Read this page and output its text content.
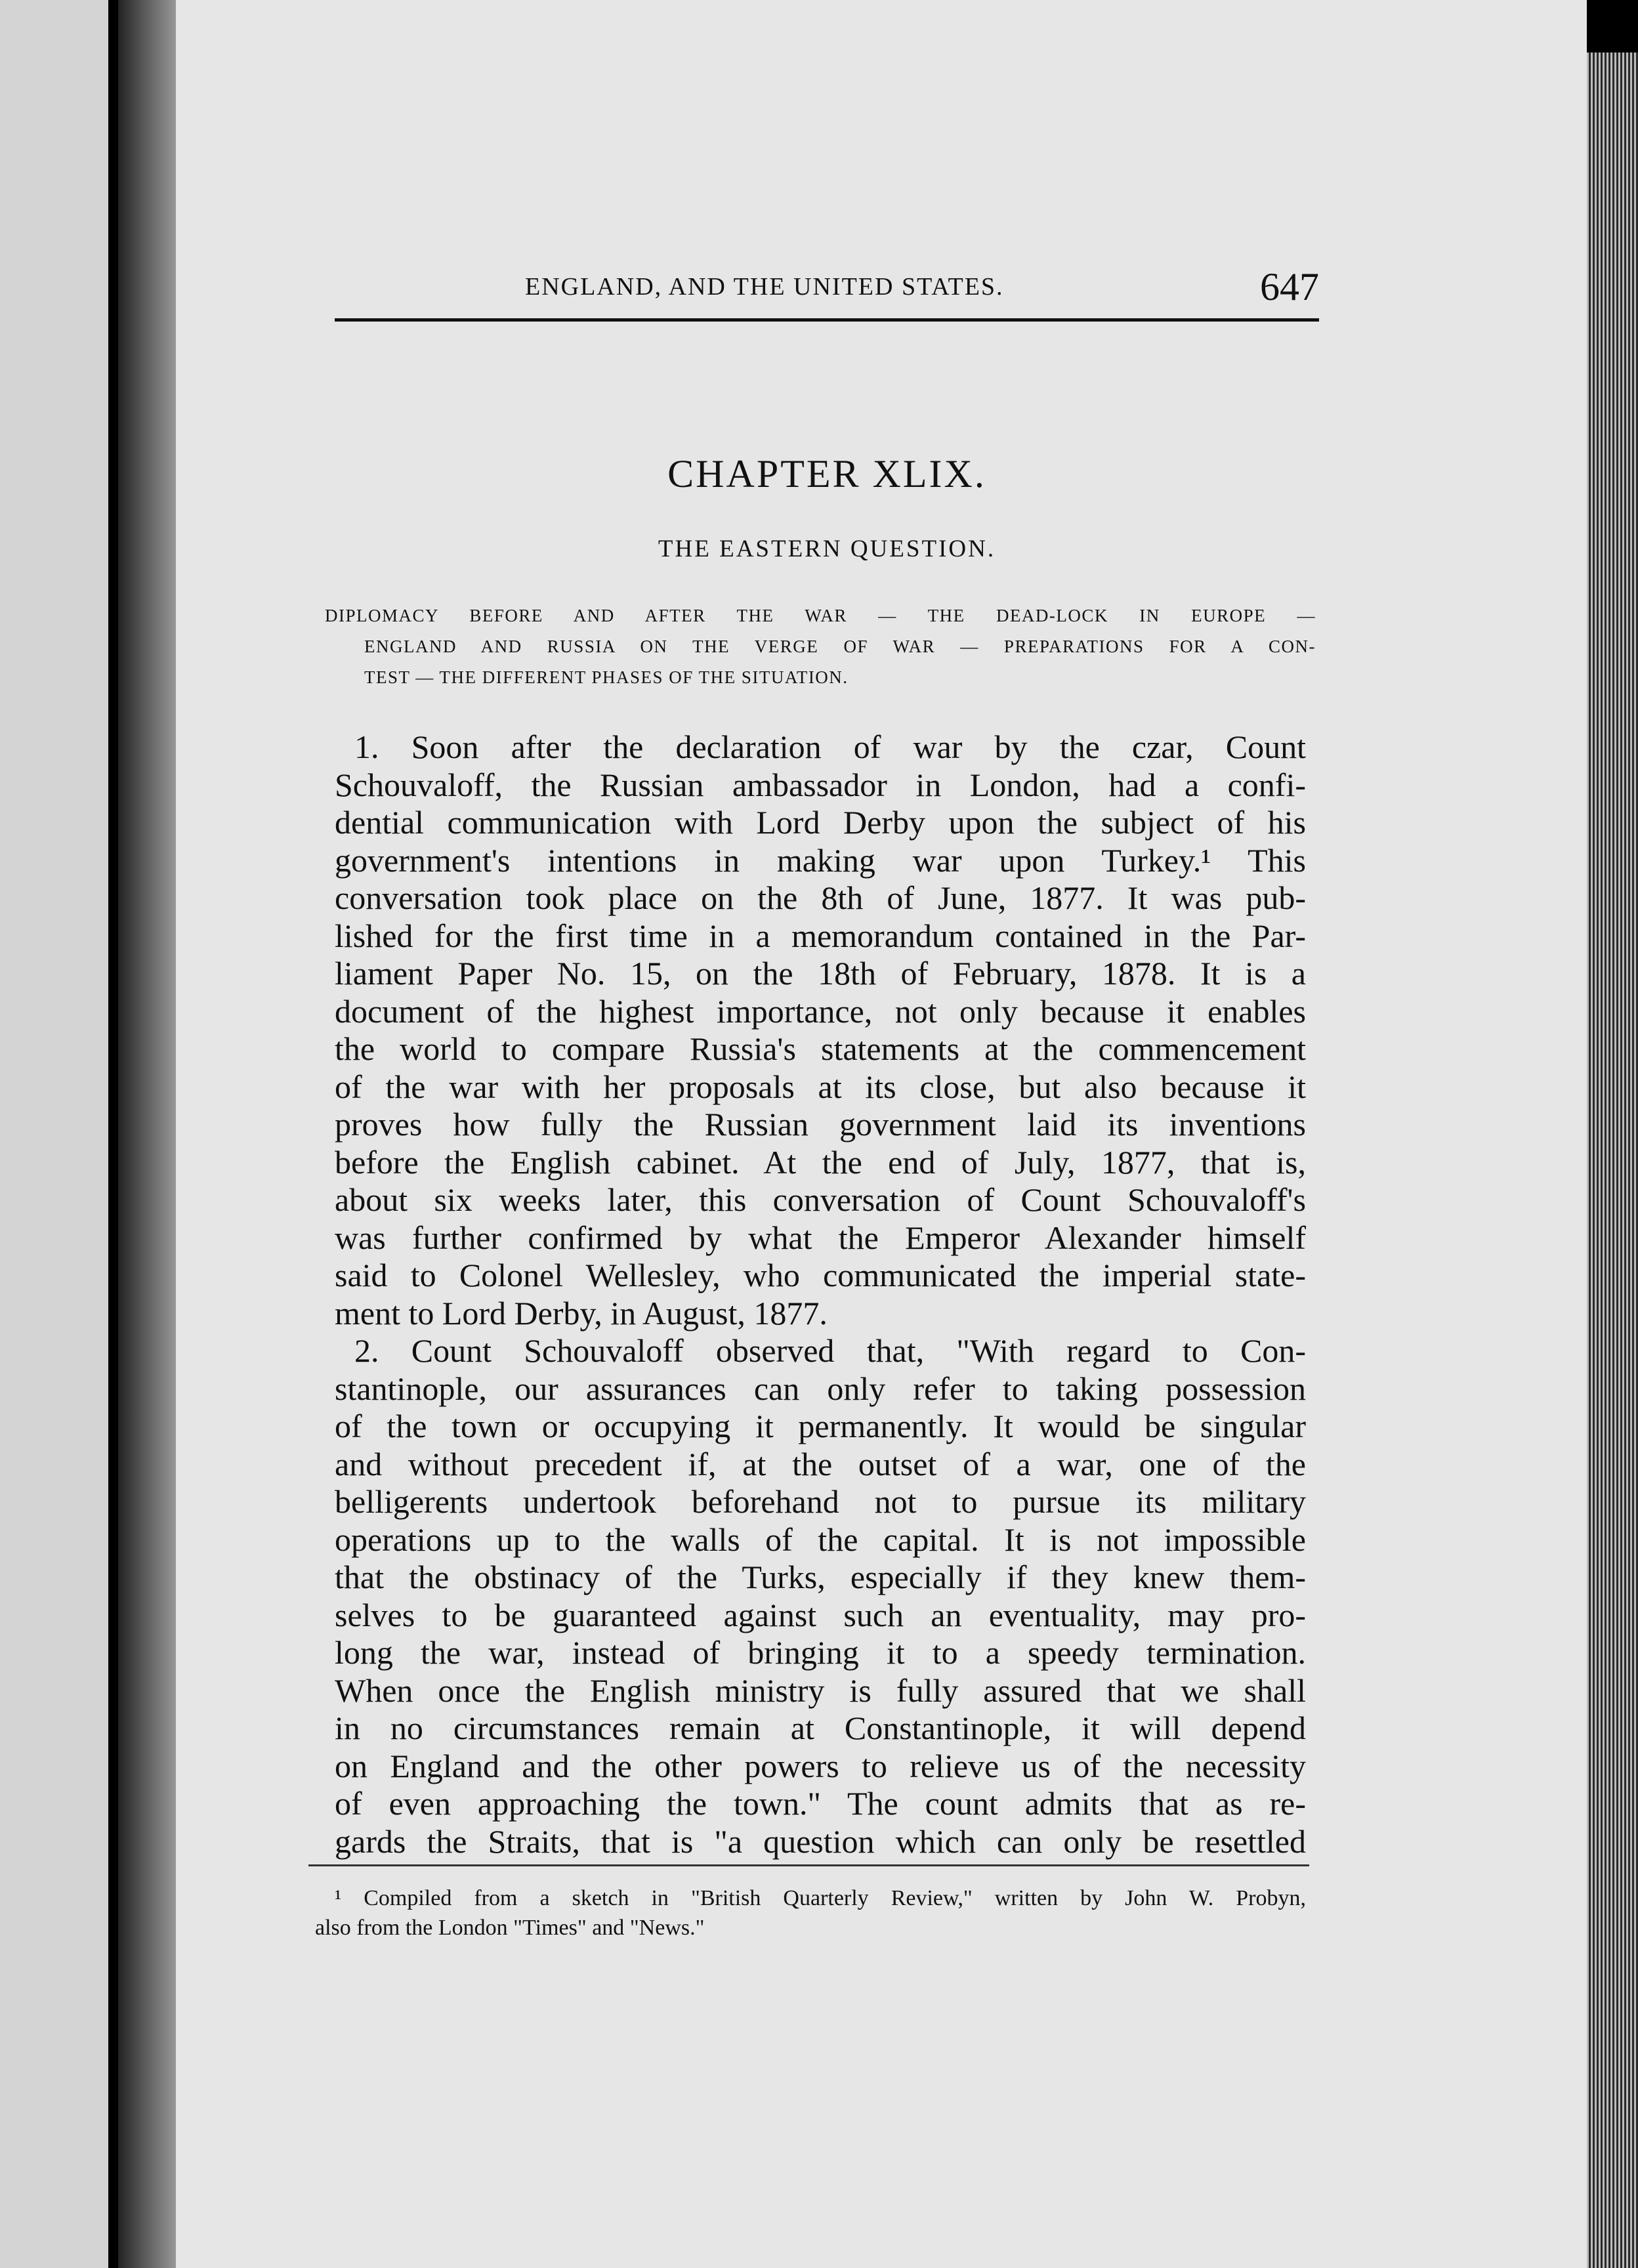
ENGLAND, AND THE UNITED STATES.	647
CHAPTER XLIX.
THE EASTERN QUESTION.
DIPLOMACY BEFORE AND AFTER THE WAR — THE DEAD-LOCK IN EUROPE —
ENGLAND AND RUSSIA ON THE VERGE OF WAR — PREPARATIONS FOR A CON-
TEST — THE DIFFERENT PHASES OF THE SITUATION.
1. Soon after the declaration of war by the czar, Count
Schouvaloff, the Russian ambassador in London, had a confi-
dential communication with Lord Derby upon the subject of his
government's intentions in making war upon Turkey.¹ This
conversation took place on the 8th of June, 1877. It was pub-
lished for the first time in a memorandum contained in the Par-
liament Paper No. 15, on the 18th of February, 1878. It is a
document of the highest importance, not only because it enables
the world to compare Russia's statements at the commencement
of the war with her proposals at its close, but also because it
proves how fully the Russian government laid its inventions
before the English cabinet. At the end of July, 1877, that is,
about six weeks later, this conversation of Count Schouvaloff's
was further confirmed by what the Emperor Alexander himself
said to Colonel Wellesley, who communicated the imperial state-
ment to Lord Derby, in August, 1877.
2. Count Schouvaloff observed that, "With regard to Con-
stantinople, our assurances can only refer to taking possession
of the town or occupying it permanently. It would be singular
and without precedent if, at the outset of a war, one of the
belligerents undertook beforehand not to pursue its military
operations up to the walls of the capital. It is not impossible
that the obstinacy of the Turks, especially if they knew them-
selves to be guaranteed against such an eventuality, may pro-
long the war, instead of bringing it to a speedy termination.
When once the English ministry is fully assured that we shall
in no circumstances remain at Constantinople, it will depend
on England and the other powers to relieve us of the necessity
of even approaching the town." The count admits that as re-
gards the Straits, that is "a question which can only be resettled
¹ Compiled from a sketch in "British Quarterly Review," written by John W. Probyn,
also from the London "Times" and "News."
